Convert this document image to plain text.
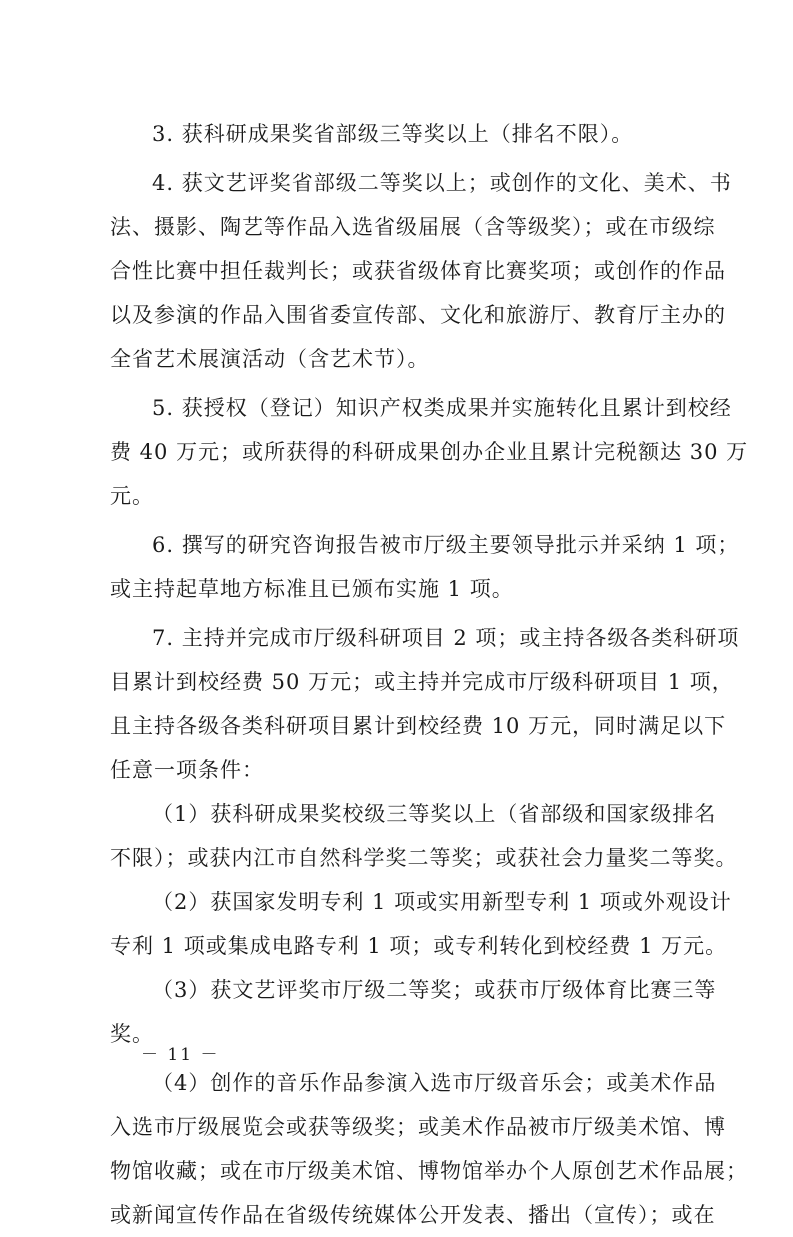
3. 获科研成果奖省部级三等奖以上（排名不限）。
4. 获文艺评奖省部级二等奖以上；或创作的文化、美术、书
法、摄影、陶艺等作品入选省级届展（含等级奖）；或在市级综
合性比赛中担任裁判长；或获省级体育比赛奖项；或创作的作品
以及参演的作品入围省委宣传部、文化和旅游厅、教育厅主办的
全省艺术展演活动（含艺术节）。
5. 获授权（登记）知识产权类成果并实施转化且累计到校经
费 40 万元；或所获得的科研成果创办企业且累计完税额达 30 万
元。
6. 撰写的研究咨询报告被市厅级主要领导批示并采纳 1 项；
或主持起草地方标准且已颁布实施 1 项。
7. 主持并完成市厅级科研项目 2 项；或主持各级各类科研项
目累计到校经费 50 万元；或主持并完成市厅级科研项目 1 项，
且主持各级各类科研项目累计到校经费 10 万元，同时满足以下
任意一项条件：
（1）获科研成果奖校级三等奖以上（省部级和国家级排名
不限）；或获内江市自然科学奖二等奖；或获社会力量奖二等奖。
（2）获国家发明专利 1 项或实用新型专利 1 项或外观设计
专利 1 项或集成电路专利 1 项；或专利转化到校经费 1 万元。
（3）获文艺评奖市厅级二等奖；或获市厅级体育比赛三等
奖。
（4）创作的音乐作品参演入选市厅级音乐会；或美术作品
入选市厅级展览会或获等级奖；或美术作品被市厅级美术馆、博
物馆收藏；或在市厅级美术馆、博物馆举办个人原创艺术作品展；
或新闻宣传作品在省级传统媒体公开发表、播出（宣传）；或在
－ 11 －
